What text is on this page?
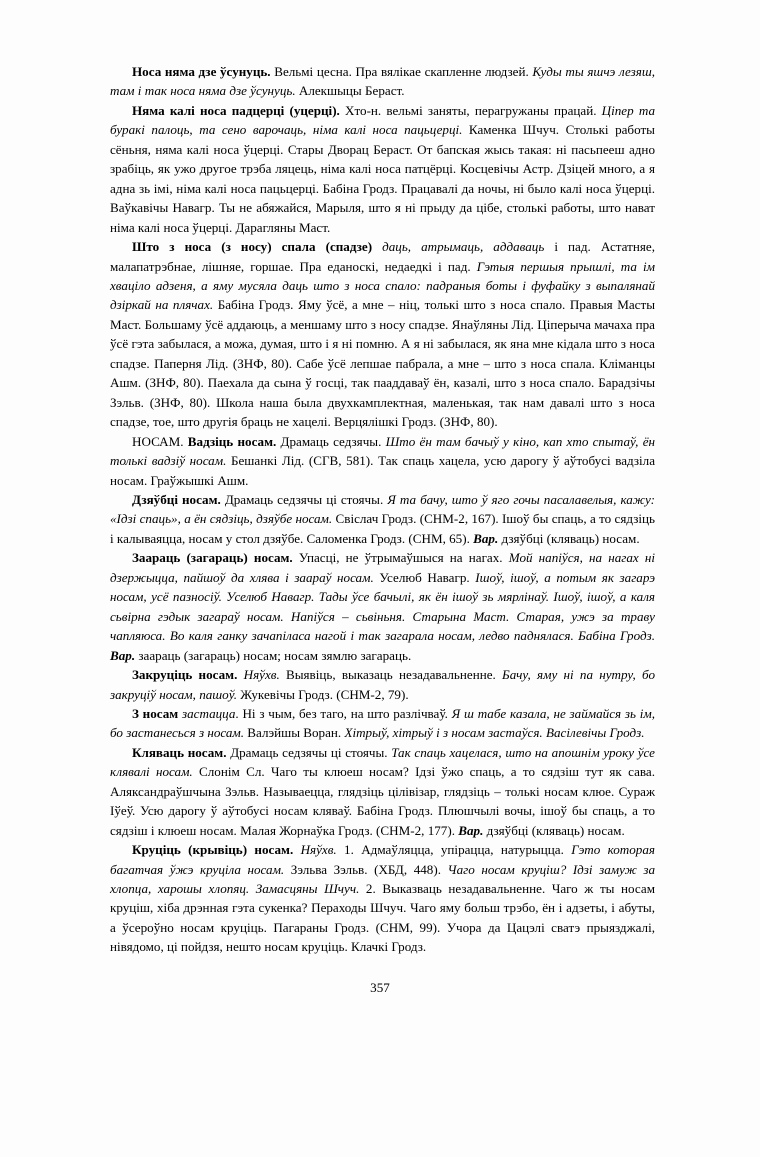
Носа няма дзе ўсунуць. Вельмі цесна. Пра вялікае скапленне людзей. Куды ты яшчэ лезяш, там і так носа няма дзе ўсунуць. Алекшыцы Бераст.

Няма калі носа падцерці (уцерці). Хто-н. вельмі заняты, перагружаны працай. Ціпер та буракі палоць, та сено варочаць, німа калі носа пацьцерці. Каменка Шчуч. Столькі работы сёньня, няма калі носа ўцерці. Стары Дворац Бераст. От бапская жысь такая: ні пасьпееш адно зрабіць, як ужо другое трэба ляцець, німа калі носа патцёрці. Косцевічы Астр. Дзіцей много, а я адна зь імі, німа калі носа пацьцерці. Бабіна Гродз. Працавалі да ночы, ні было калі носа ўцерці. Ваўкавічы Навагр. Ты не абяжайся, Марыля, што я ні прыду да цібе, столькі работы, што нават німа калі носа ўцерці. Дарагляны Маст.

Што з носа (з носу) спала (спадзе) даць, атрымаць, аддаваць і пад. Астатняе, малапатрэбнае, лішняе, горшае. Пра еданоскі, недаедкі і пад. Гэтыя першыя прышлі, та ім хваціло адзеня, а яму мусяла даць што з носа спало: падраныя боты і фуфайку з выпалянай дзіркай на плячах. Бабіна Гродз. Яму ўсё, а мне – ніц, толькі што з носа спало. Правыя Масты Маст. Большаму ўсё аддаюць, а меншаму што з носу спадзе. Янаўляны Лід. Ціперыча мачаха пра ўсё гэта забылася, а можа, думая, што і я ні помню. А я ні забылася, як яна мне кідала што з носа спадзе. Паперня Лід. (ЗНФ, 80). Сабе ўсё лепшае пабрала, а мне – што з носа спала. Кліманцы Ашм. (ЗНФ, 80). Паехала да сына ў госці, так пааддаваў ён, казалі, што з носа спало. Барадзічы Зэльв. (ЗНФ, 80). Школа наша была двухкамплектная, маленькая, так нам давалі што з носа спадзе, тое, што другія браць не хацелі. Верцялішкі Гродз. (ЗНФ, 80).

НОСАМ. Вадзіць носам. Драмаць седзячы. Што ён там бачыў у кіно, кап хто спытаў, ён толькі вадзіў носам. Бешанкі Лід. (СГВ, 581). Так спаць хацела, усю дарогу ў аўтобусі вадзіла носам. Граўжышкі Ашм.

Дзяўбці носам. Драмаць седзячы ці стоячы. Я та бачу, што ў яго гочы пасалавелыя, кажу: «Ідзі спаць», а ён сядзіць, дзяўбе носам. Свіслач Гродз. (СНМ-2, 167). Ішоў бы спаць, а то сядзіць і калываяцца, носам у стол дзяўбе. Саломенка Гродз. (СНМ, 65). Вар. дзяўбці (кляваць) носам.

Заараць (загараць) носам. Упасці, не ўтрымаўшыся на нагах. Мой напіўся, на нагах ні дзержыцца, пайшоў да хлява і заараў носам. Уселюб Навагр. Ішоў, ішоў, а потым як загарэ носам, усё пазносіў. Уселюб Навагр. Тады ўсе бачылі, як ён ішоў зь мярлінаў. Ішоў, ішоў, а каля сьвірна гэдык загараў носам. Напіўся – сьвіньня. Старына Маст. Старая, ужэ за траву чапляюса. Во каля ганку зачапіласа нагой і так загарала носам, ледво паднялася. Бабіна Гродз. Вар. заараць (загараць) носам; носам зямлю загараць.

Закруціць носам. Няўхв. Выявіць, выказаць незадавальненне. Бачу, яму ні па нутру, бо закруціў носам, пашоў. Жукевічы Гродз. (СНМ-2, 79).

З носам застацца. Ні з чым, без таго, на што разлічваў. Я ш табе казала, не займайся зь ім, бо застанесься з носам. Валэйшы Воран. Хітрыў, хітрыў і з носам застаўся. Васілевічы Гродз.

Кляваць носам. Драмаць седзячы ці стоячы. Так спаць хацелася, што на апошнім уроку ўсе клявалі носам. Слонім Сл. Чаго ты клюеш носам? Ідзі ўжо спаць, а то сядзіш тут як сава. Аляксандраўшчына Зэльв. Называецца, глядзіць цілівізар, глядзіць – толькі носам клюе. Сураж Іўеў. Усю дарогу ў аўтобусі носам кляваў. Бабіна Гродз. Плюшчылі вочы, ішоў бы спаць, а то сядзіш і клюеш носам. Малая Жорнаўка Гродз. (СНМ-2, 177). Вар. дзяўбці (кляваць) носам.

Круціць (крывіць) носам. Няўхв. 1. Адмаўляцца, упірацца, натурыцца. Гэто которая багатчая ўжэ круціла носам. Зэльва Зэльв. (ХБД, 448). Чаго носам круціш? Ідзі замуж за хлопца, харошы хлопяц. Замасцяны Шчуч. 2. Выказваць незадавальненне. Чаго ж ты носам круціш, хіба дрэнная гэта сукенка? Пераходы Шчуч. Чаго яму больш трэбо, ён і адзеты, і абуты, а ўсероўно носам круціць. Пагараны Гродз. (СНМ, 99). Учора да Цацэлі сватэ прыязджалі, нівядомо, ці пойдзя, нешто носам круціць. Клачкі Гродз.

357
